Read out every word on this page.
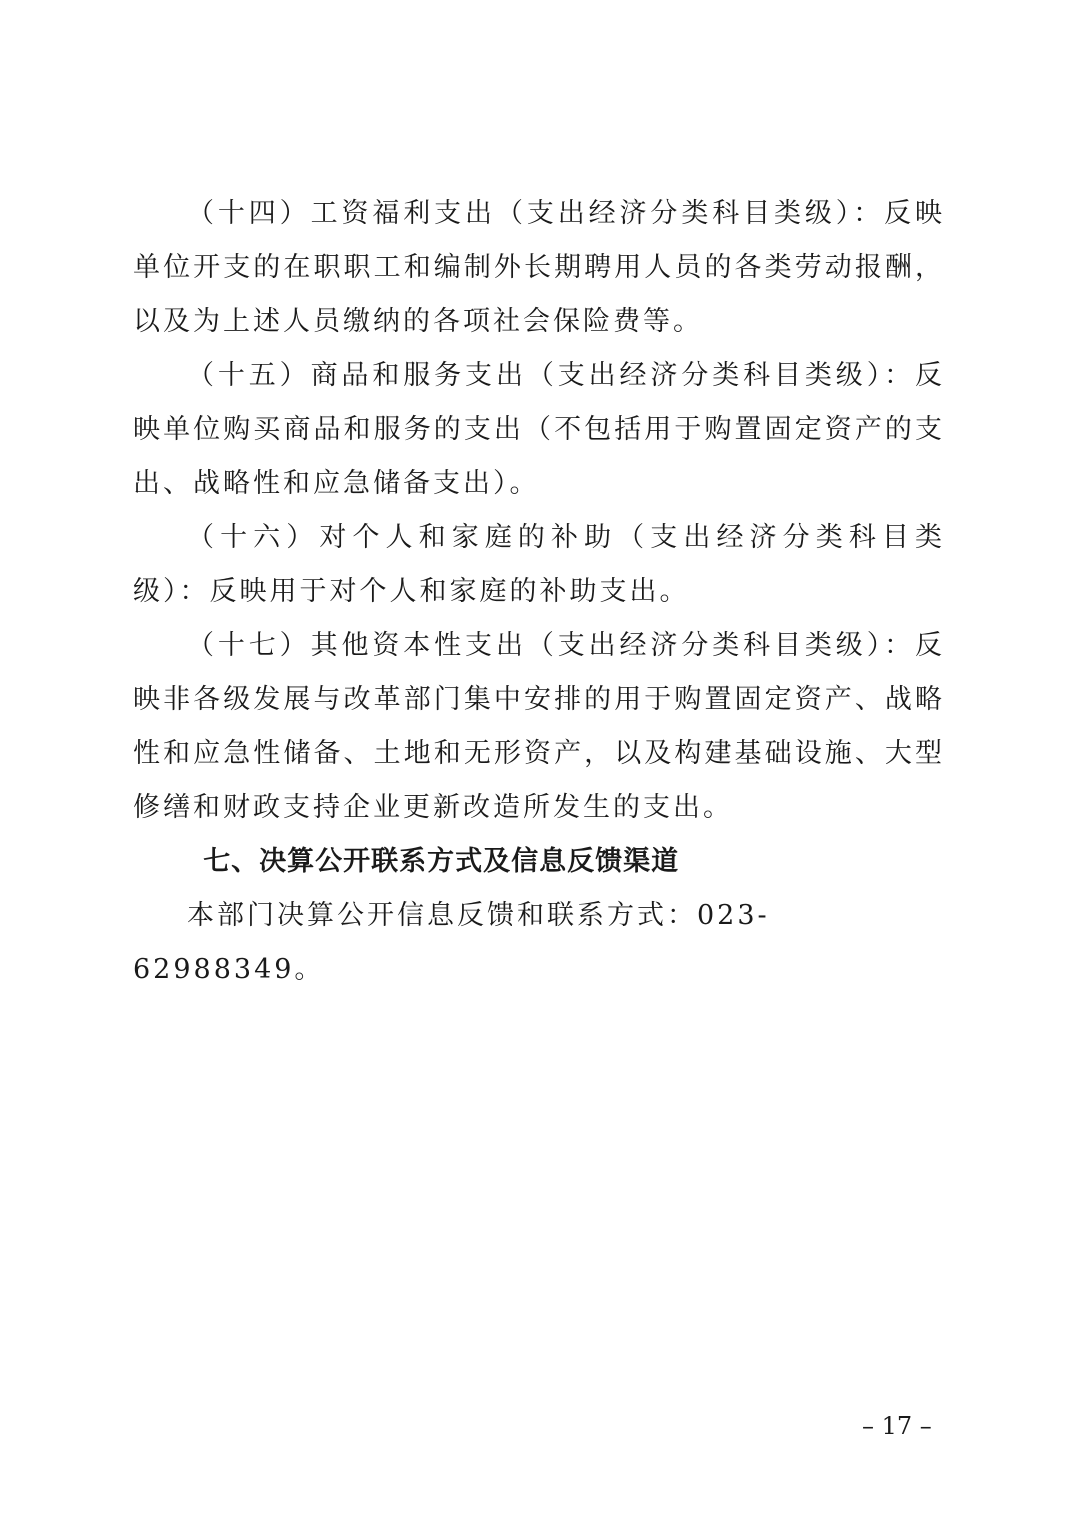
（十四）工资福利支出（支出经济分类科目类级）：反映单位开支的在职职工和编制外长期聘用人员的各类劳动报酬，以及为上述人员缴纳的各项社会保险费等。

（十五）商品和服务支出（支出经济分类科目类级）：反映单位购买商品和服务的支出（不包括用于购置固定资产的支出、战略性和应急储备支出）。

（十六）对个人和家庭的补助（支出经济分类科目类级）：反映用于对个人和家庭的补助支出。

（十七）其他资本性支出（支出经济分类科目类级）：反映非各级发展与改革部门集中安排的用于购置固定资产、战略性和应急性储备、土地和无形资产，以及构建基础设施、大型修缮和财政支持企业更新改造所发生的支出。

七、决算公开联系方式及信息反馈渠道

本部门决算公开信息反馈和联系方式：023-62988349。

– 17 –
